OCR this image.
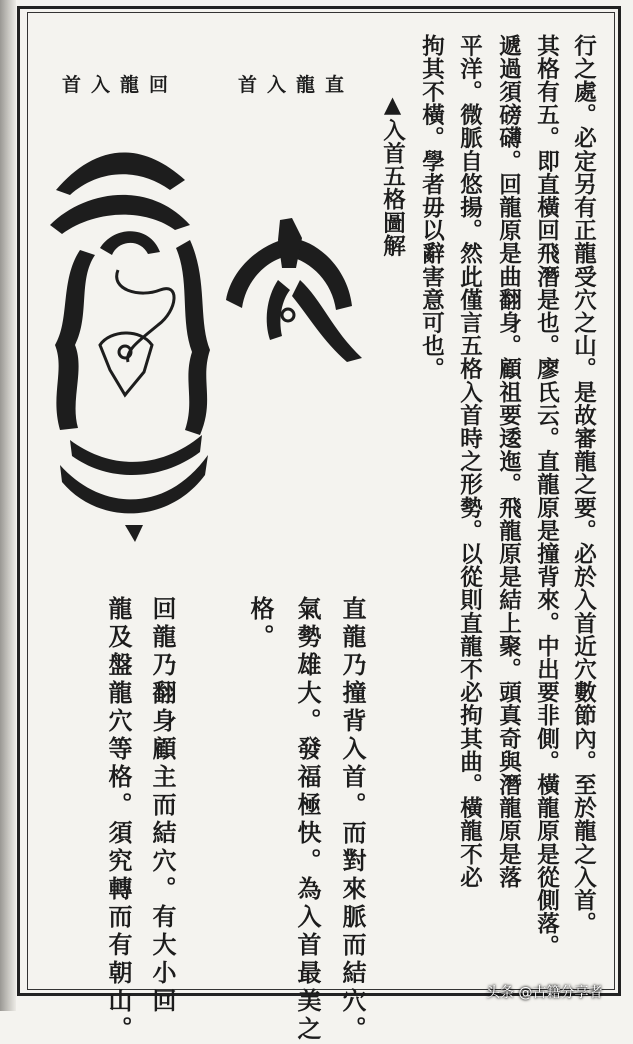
行之處。必定另有正龍受穴之山。是故審龍之要。必於入首近穴數節內。至於龍之入首。
其格有五。即直橫回飛潛是也。廖氏云。直龍原是撞背來。中出要非側。橫龍原是從側落。
遞過須磅礴。回龍原是曲翻身。顧祖要逶迤。飛龍原是結上聚。頭真奇與潛龍原是落
平洋。微脈自悠揚。然此僅言五格入首時之形勢。以從則直龍不必拘其曲。橫龍不必
拘其不橫。學者毋以辭害意可也。
▲入首五格圖解
直龍入首
回龍入首
直龍乃撞背入首。而對來脈而結穴。
氣勢雄大。發福極快。為入首最美之
格。
回龍乃翻身顧主而結穴。有大小回
龍及盤龍穴等格。須究轉而有朝山。	头条 @古籍分享者
